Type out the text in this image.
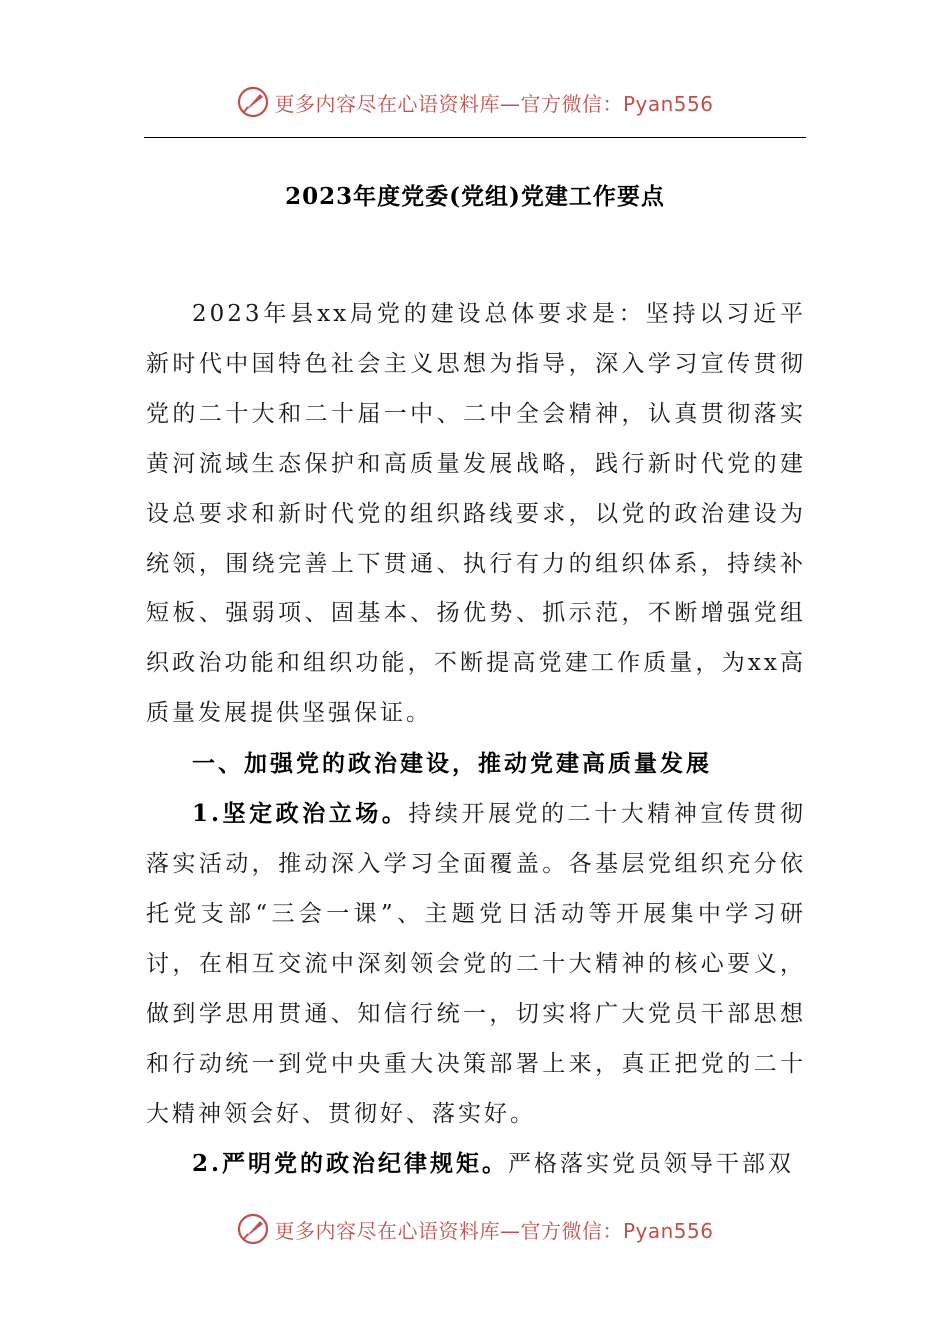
更多内容尽在心语资料库—官方微信：Pyan556
2023年度党委(党组)党建工作要点

2023年县xx局党的建设总体要求是：坚持以习近平新时代中国特色社会主义思想为指导，深入学习宣传贯彻党的二十大和二十届一中、二中全会精神，认真贯彻落实黄河流域生态保护和高质量发展战略，践行新时代党的建设总要求和新时代党的组织路线要求，以党的政治建设为统领，围绕完善上下贯通、执行有力的组织体系，持续补短板、强弱项、固基本、扬优势、抓示范，不断增强党组织政治功能和组织功能，不断提高党建工作质量，为xx高质量发展提供坚强保证。

一、加强党的政治建设，推动党建高质量发展

1.坚定政治立场。持续开展党的二十大精神宣传贯彻落实活动，推动深入学习全面覆盖。各基层党组织充分依托党支部“三会一课”、主题党日活动等开展集中学习研讨，在相互交流中深刻领会党的二十大精神的核心要义，做到学思用贯通、知信行统一，切实将广大党员干部思想和行动统一到党中央重大决策部署上来，真正把党的二十大精神领会好、贯彻好、落实好。

2.严明党的政治纪律规矩。严格落实党员领导干部双

更多内容尽在心语资料库—官方微信：Pyan556
